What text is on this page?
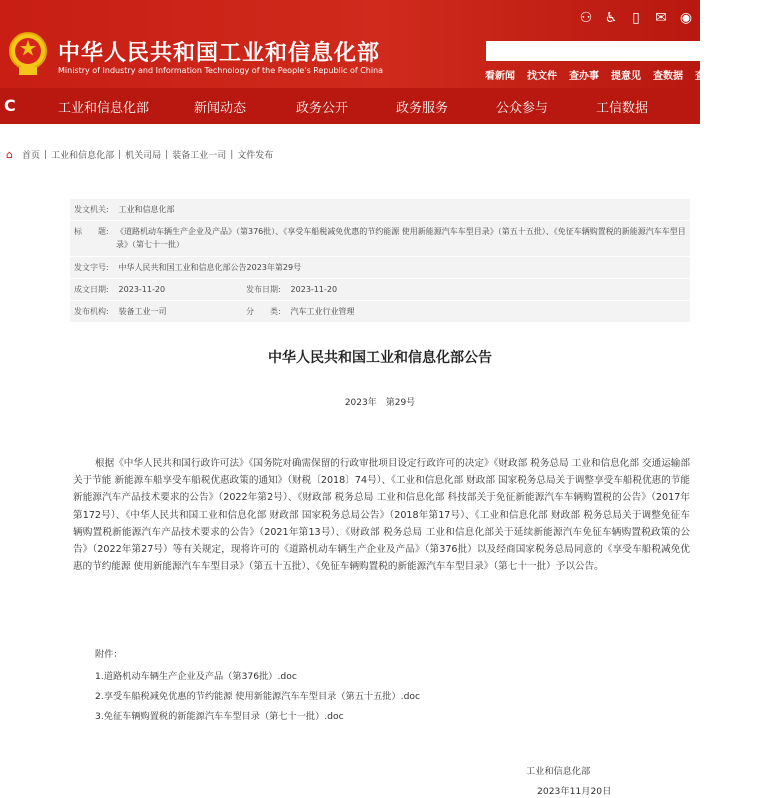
中华人民共和国工业和信息化部
Ministry of Industry and Information Technology of the People's Republic of China
⚇ ♿ ▯ ✉ ◉
看新闻 找文件 查办事 提意见 查数据 查
C	工业和信息化部	新闻动态	政务公开	政务服务	公众参与	工信数据
⌂	首页 | 工业和信息化部 | 机关司局 | 装备工业一司 | 文件发布
发文机关: 工业和信息化部
标　　题: 《道路机动车辆生产企业及产品》（第376批）、《享受车船税减免优惠的节约能源 使用新能源汽车车型目录》（第五十五批）、《免征车辆购置税的新能源汽车车型目录》（第七十一批）
发文字号: 中华人民共和国工业和信息化部公告2023年第29号
成文日期: 2023-11-20	发布日期: 2023-11-20
发布机构: 装备工业一司	分　　类: 汽车工业行业管理
中华人民共和国工业和信息化部公告
2023年　第29号
根据《中华人民共和国行政许可法》《国务院对确需保留的行政审批项目设定行政许可的决定》《财政部 税务总局 工业和信息化部 交通运输部关于节能 新能源车船享受车船税优惠政策的通知》（财税〔2018〕74号）、《工业和信息化部 财政部 国家税务总局关于调整享受车船税优惠的节能 新能源汽车产品技术要求的公告》（2022年第2号）、《财政部 税务总局 工业和信息化部 科技部关于免征新能源汽车车辆购置税的公告》（2017年第172号）、《中华人民共和国工业和信息化部 财政部 国家税务总局公告》（2018年第17号）、《工业和信息化部 财政部 税务总局关于调整免征车辆购置税新能源汽车产品技术要求的公告》（2021年第13号）、《财政部 税务总局 工业和信息化部关于延续新能源汽车免征车辆购置税政策的公告》（2022年第27号）等有关规定，现将许可的《道路机动车辆生产企业及产品》（第376批）以及经商国家税务总局同意的《享受车船税减免优惠的节约能源 使用新能源汽车车型目录》（第五十五批）、《免征车辆购置税的新能源汽车车型目录》（第七十一批）予以公告。
附件：
1.道路机动车辆生产企业及产品（第376批）.doc
2.享受车船税减免优惠的节约能源 使用新能源汽车车型目录（第五十五批）.doc
3.免征车辆购置税的新能源汽车车型目录（第七十一批）.doc
工业和信息化部
2023年11月20日
